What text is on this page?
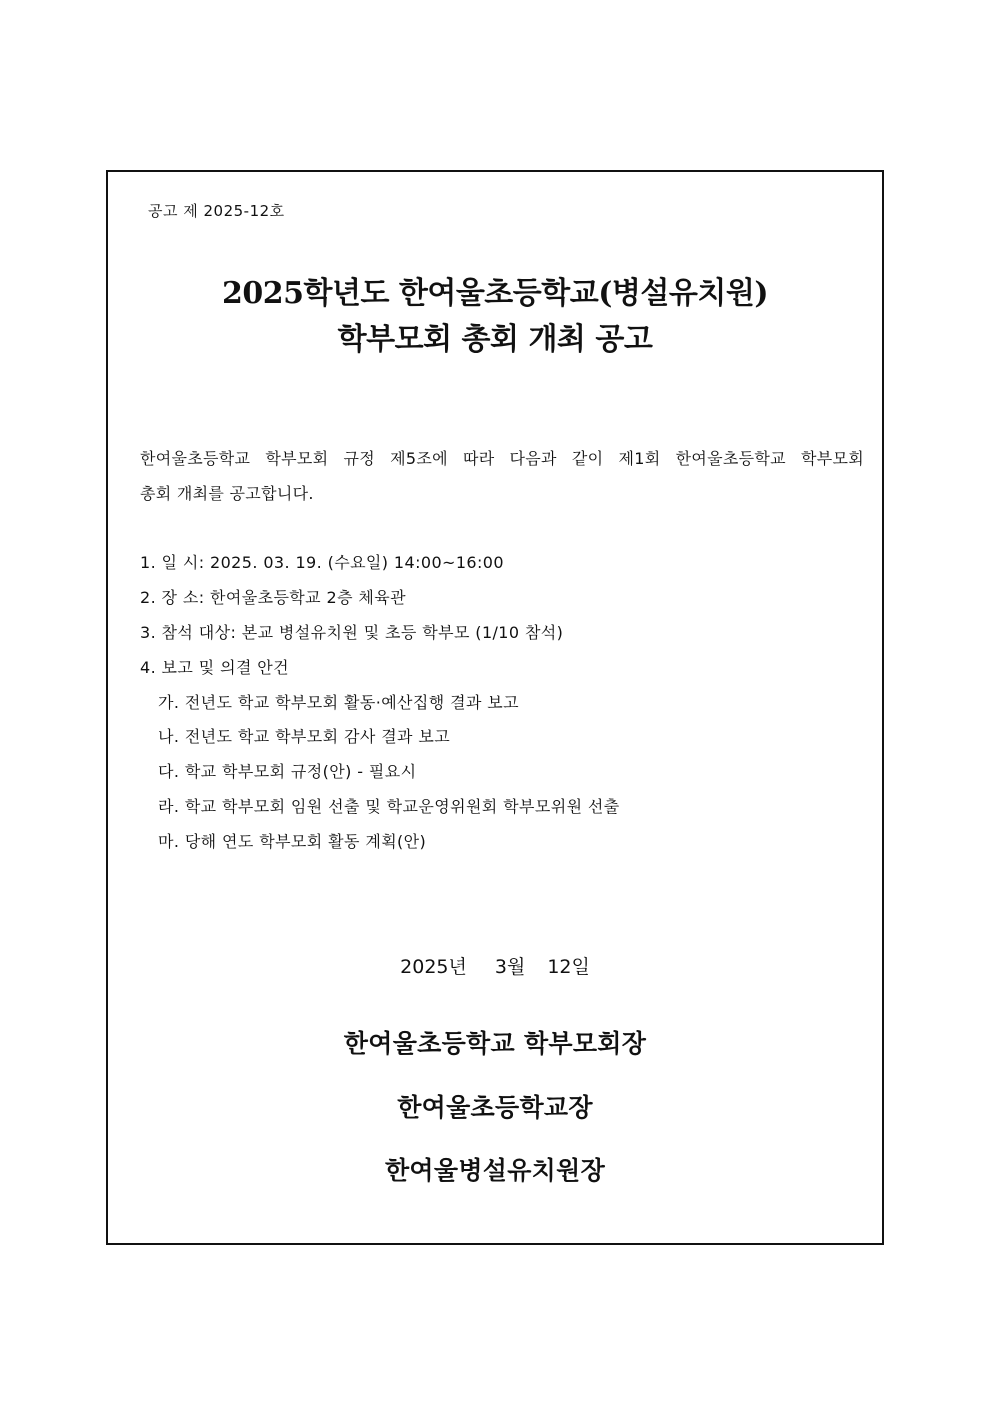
공고 제 2025-12호
2025학년도 한여울초등학교(병설유치원)
학부모회 총회 개최 공고
한여울초등학교 학부모회 규정 제5조에 따라 다음과 같이 제1회 한여울초등학교 학부모회
총회 개최를 공고합니다.
1. 일 시: 2025. 03. 19. (수요일) 14:00~16:00
2. 장 소: 한여울초등학교 2층 체육관
3. 참석 대상: 본교 병설유치원 및 초등 학부모 (1/10 참석)
4. 보고 및 의결 안건
가. 전년도 학교 학부모회 활동·예산집행 결과 보고
나. 전년도 학교 학부모회 감사 결과 보고
다. 학교 학부모회 규정(안) - 필요시
라. 학교 학부모회 임원 선출 및 학교운영위원회 학부모위원 선출
마. 당해 연도 학부모회 활동 계획(안)
2025년 3월 12일
한여울초등학교 학부모회장
한여울초등학교장
한여울병설유치원장
